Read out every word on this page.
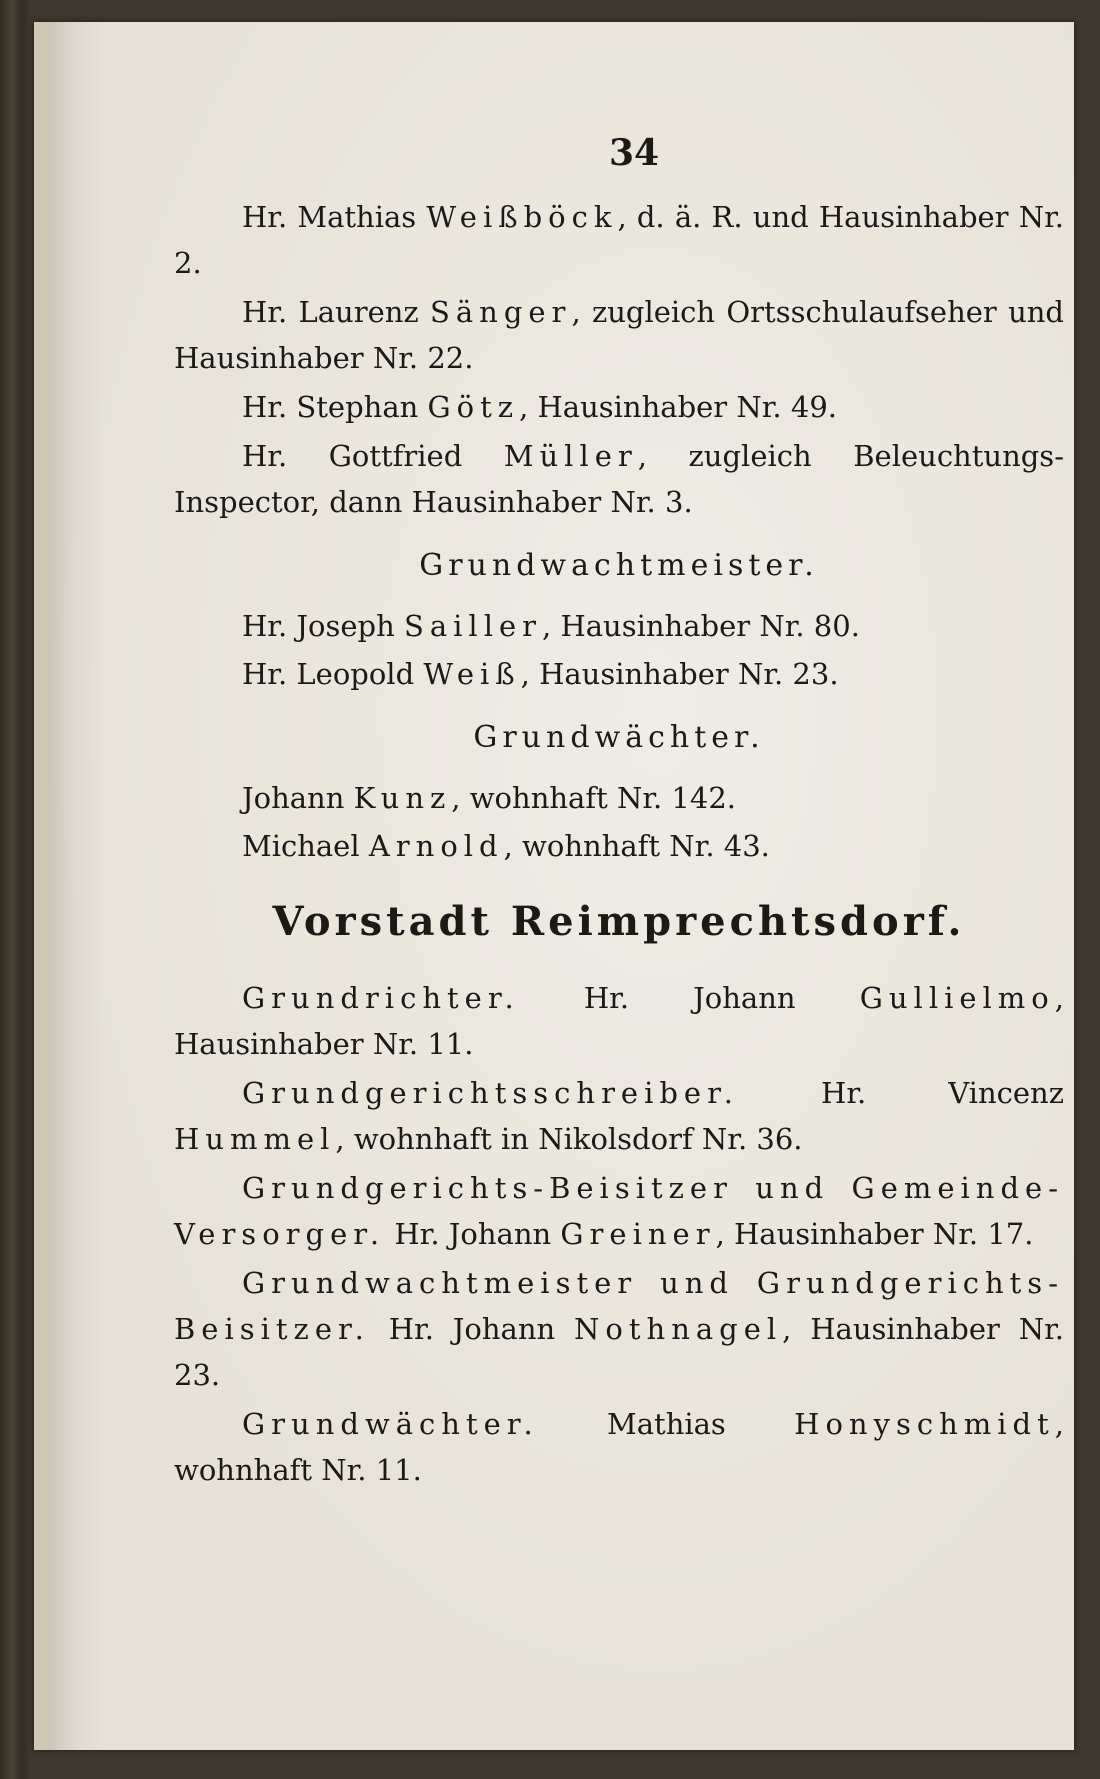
34

Hr. Mathias Weißböck, d. ä. R. und Hausinhaber Nr. 2.

Hr. Laurenz Sänger, zugleich Ortsschulaufseher und Hausinhaber Nr. 22.

Hr. Stephan Götz, Hausinhaber Nr. 49.

Hr. Gottfried Müller, zugleich Beleuchtungs-Inspector, dann Hausinhaber Nr. 3.

Grundwachtmeister.

Hr. Joseph Sailler, Hausinhaber Nr. 80.

Hr. Leopold Weiß, Hausinhaber Nr. 23.

Grundwächter.

Johann Kunz, wohnhaft Nr. 142.

Michael Arnold, wohnhaft Nr. 43.

Vorstadt Reimprechtsdorf.

Grundrichter. Hr. Johann Gullielmo, Hausinhaber Nr. 11.

Grundgerichtsschreiber. Hr. Vincenz Hummel, wohnhaft in Nikolsdorf Nr. 36.

Grundgerichts-Beisitzer und Gemeinde-Versorger. Hr. Johann Greiner, Hausinhaber Nr. 17.

Grundwachtmeister und Grundgerichts-Beisitzer. Hr. Johann Nothnagel, Hausinhaber Nr. 23.

Grundwächter. Mathias Honyschmidt, wohnhaft Nr. 11.
